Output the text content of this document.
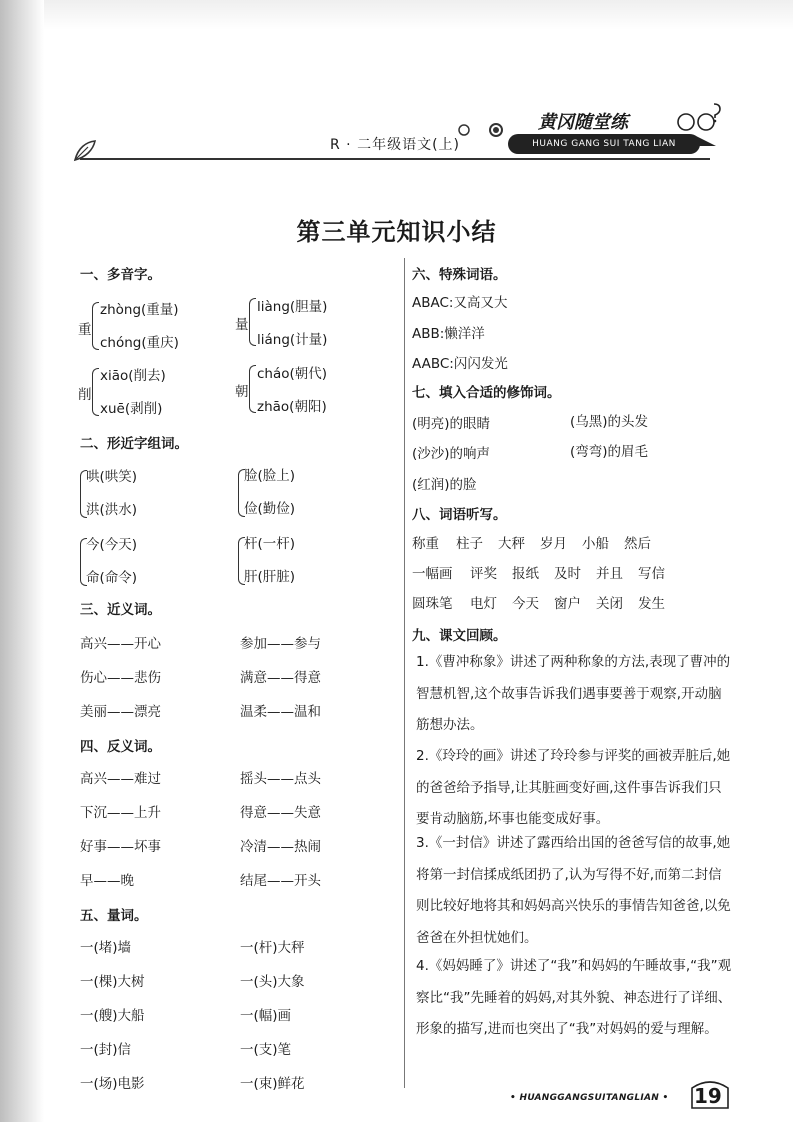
R · 二年级语文(上)
黄冈随堂练
HUANG GANG SUI TANG LIAN
第三单元知识小结
一、多音字。
重
zhòng(重量)
chóng(重庆)
量
liàng(胆量)
liáng(计量)
削
xiāo(削去)
xuē(剥削)
朝
cháo(朝代)
zhāo(朝阳)
二、形近字组词。
哄(哄笑)
洪(洪水)
脸(脸上)
俭(勤俭)
今(今天)
命(命令)
杆(一杆)
肝(肝脏)
三、近义词。
高兴——开心	参加——参与
伤心——悲伤	满意——得意
美丽——漂亮	温柔——温和
四、反义词。
高兴——难过	摇头——点头
下沉——上升	得意——失意
好事——坏事	冷清——热闹
早——晚	结尾——开头
五、量词。
一(堵)墙	一(杆)大秤
一(棵)大树	一(头)大象
一(艘)大船	一(幅)画
一(封)信	一(支)笔
一(场)电影	一(束)鲜花
六、特殊词语。
ABAC:又高又大
ABB:懒洋洋
AABC:闪闪发光
七、填入合适的修饰词。
(明亮)的眼睛	(乌黑)的头发
(沙沙)的响声	(弯弯)的眉毛
(红润)的脸
八、词语听写。
称重 柱子 大秤 岁月 小船 然后
一幅画 评奖 报纸 及时 并且 写信
圆珠笔 电灯 今天 窗户 关闭 发生
九、课文回顾。
1.《曹冲称象》讲述了两种称象的方法,表现了曹冲的智慧机智,这个故事告诉我们遇事要善于观察,开动脑筋想办法。
2.《玲玲的画》讲述了玲玲参与评奖的画被弄脏后,她的爸爸给予指导,让其脏画变好画,这件事告诉我们只要肯动脑筋,坏事也能变成好事。
3.《一封信》讲述了露西给出国的爸爸写信的故事,她将第一封信揉成纸团扔了,认为写得不好,而第二封信则比较好地将其和妈妈高兴快乐的事情告知爸爸,以免爸爸在外担忧她们。
4.《妈妈睡了》讲述了“我”和妈妈的午睡故事,“我”观察比“我”先睡着的妈妈,对其外貌、神态进行了详细、形象的描写,进而也突出了“我”对妈妈的爱与理解。
• HUANGGANGSUITANGLIAN • 19
